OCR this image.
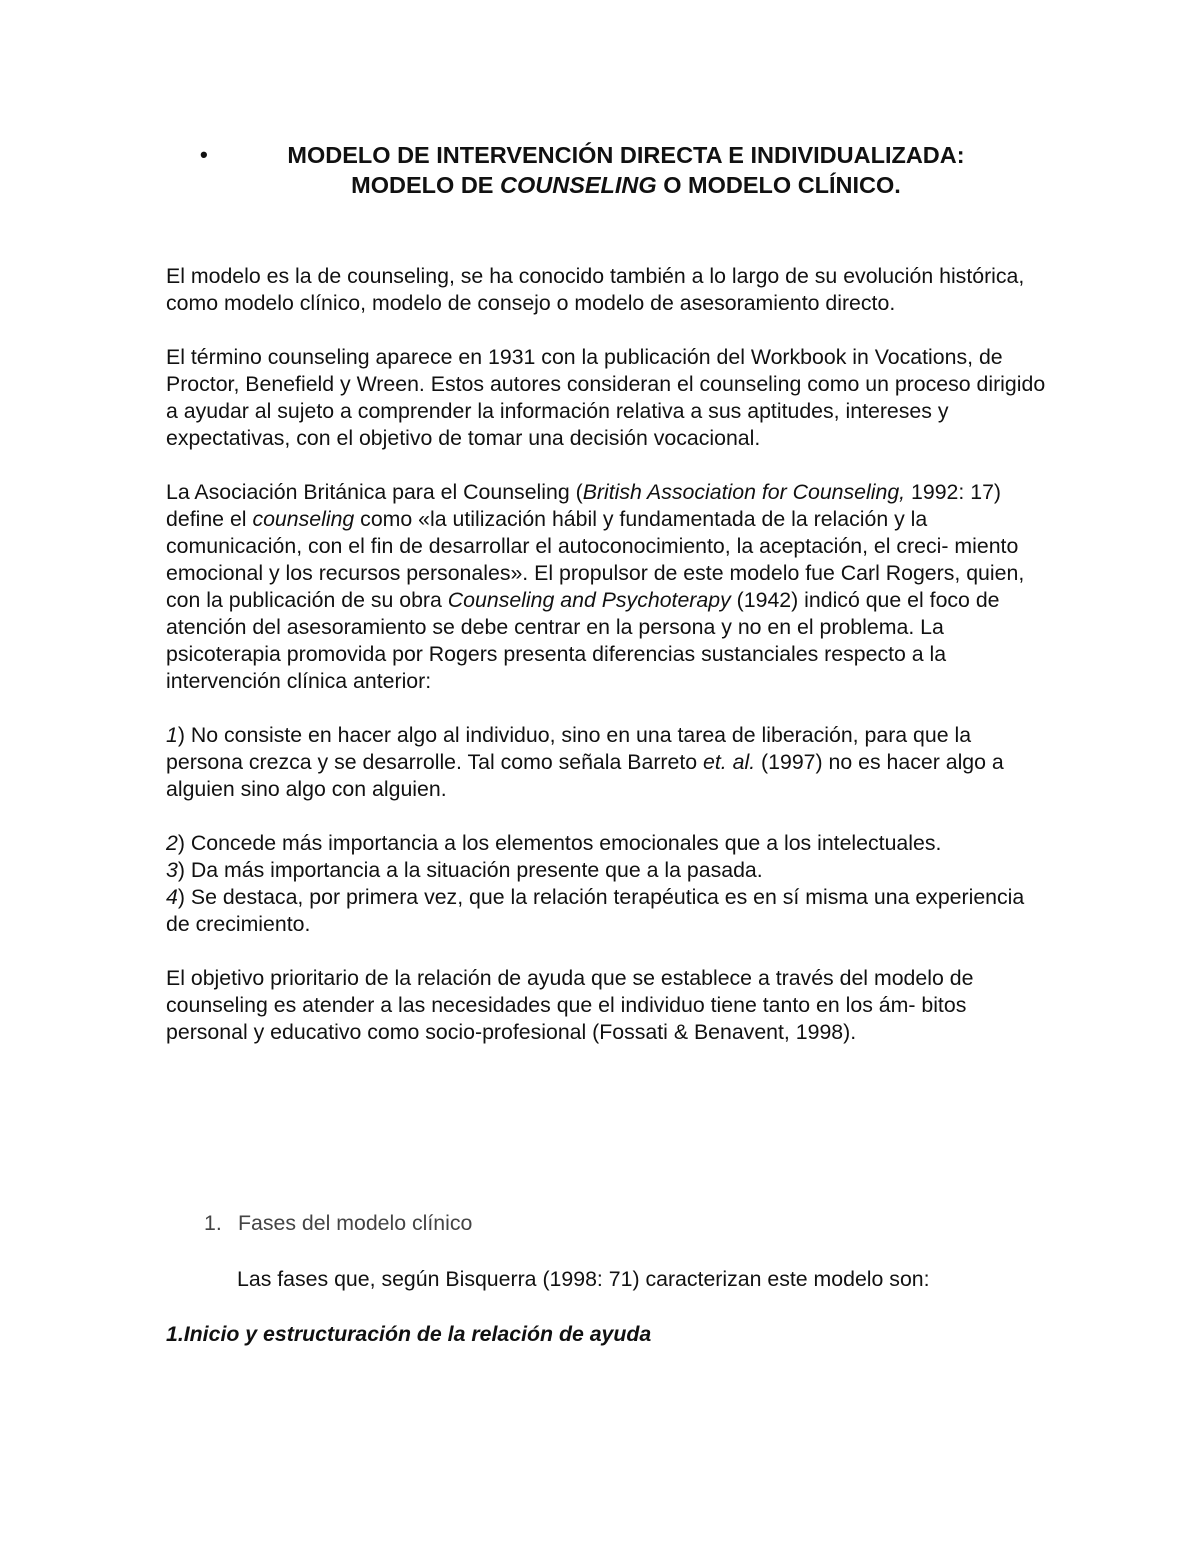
•	MODELO DE INTERVENCIÓN DIRECTA E INDIVIDUALIZADA:
MODELO DE COUNSELING O MODELO CLÍNICO.

El modelo es la de counseling, se ha conocido también a lo largo de su evolución histórica, como modelo clínico, modelo de consejo o modelo de asesoramiento directo.

El término counseling aparece en 1931 con la publicación del Workbook in Vocations, de Proctor, Benefield y Wreen. Estos autores consideran el counseling como un proceso dirigido a ayudar al sujeto a comprender la información relativa a sus aptitudes, intereses y expectativas, con el objetivo de tomar una decisión vocacional.

La Asociación Británica para el Counseling (British Association for Counseling, 1992: 17) define el counseling como «la utilización hábil y fundamentada de la relación y la comunicación, con el fin de desarrollar el autoconocimiento, la aceptación, el creci- miento emocional y los recursos personales». El propulsor de este modelo fue Carl Rogers, quien, con la publicación de su obra Counseling and Psychoterapy (1942) indicó que el foco de atención del asesoramiento se debe centrar en la persona y no en el problema. La psicoterapia promovida por Rogers presenta diferencias sustanciales respecto a la intervención clínica anterior:

1) No consiste en hacer algo al individuo, sino en una tarea de liberación, para que la persona crezca y se desarrolle. Tal como señala Barreto et. al. (1997) no es hacer algo a alguien sino algo con alguien.

2) Concede más importancia a los elementos emocionales que a los intelectuales.

3) Da más importancia a la situación presente que a la pasada.

4) Se destaca, por primera vez, que la relación terapéutica es en sí misma una experiencia de crecimiento.

El objetivo prioritario de la relación de ayuda que se establece a través del modelo de counseling es atender a las necesidades que el individuo tiene tanto en los ám- bitos personal y educativo como socio-profesional (Fossati & Benavent, 1998).

1. Fases del modelo clínico
Las fases que, según Bisquerra (1998: 71) caracterizan este modelo son:
1.Inicio y estructuración de la relación de ayuda
